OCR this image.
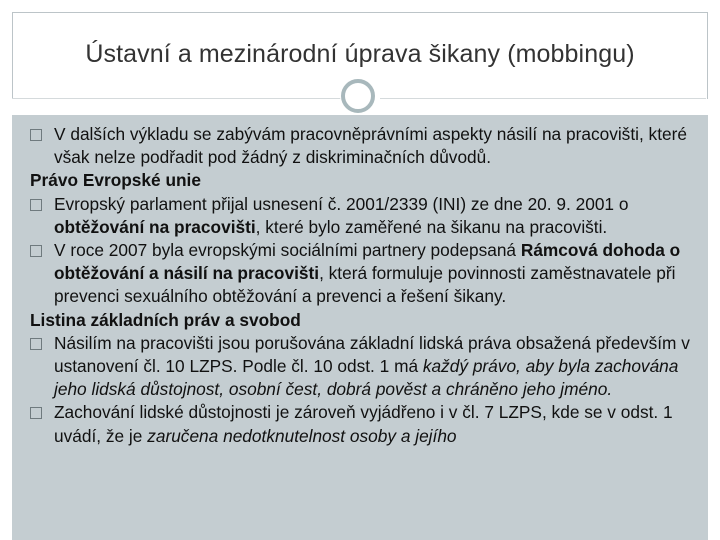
Ústavní a mezinárodní úprava šikany (mobbingu)

V dalších výkladu se zabývám pracovněprávními aspekty násilí na pracovišti, které však nelze podřadit pod žádný z diskriminačních důvodů.

Právo Evropské unie

Evropský parlament přijal usnesení č. 2001/2339 (INI) ze dne 20. 9. 2001 o obtěžování na pracovišti, které bylo zaměřené na šikanu na pracovišti.

V roce 2007 byla evropskými sociálními partnery podepsaná Rámcová dohoda o obtěžování a násilí na pracovišti, která formuluje povinnosti zaměstnavatele při prevenci sexuálního obtěžování a prevenci a řešení šikany.

Listina základních práv a svobod

Násilím na pracovišti jsou porušována základní lidská práva obsažená především v ustanovení čl. 10 LZPS. Podle čl. 10 odst. 1 má každý právo, aby byla zachována jeho lidská důstojnost, osobní čest, dobrá pověst a chráněno jeho jméno.

Zachování lidské důstojnosti je zároveň vyjádřeno i v čl. 7 LZPS, kde se v odst. 1 uvádí, že je zaručena nedotknutelnost osoby a jejího
